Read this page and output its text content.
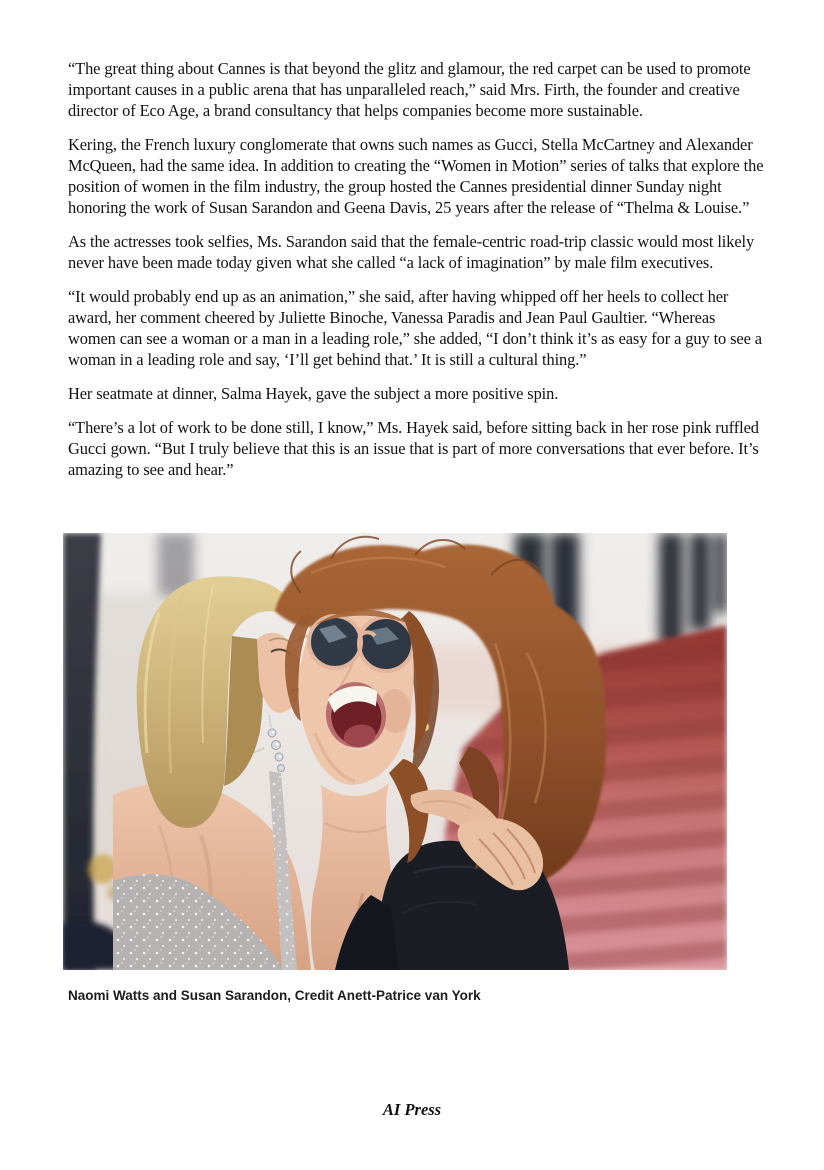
“The great thing about Cannes is that beyond the glitz and glamour, the red carpet can be used to promote important causes in a public arena that has unparalleled reach,” said Mrs. Firth, the founder and creative director of Eco Age, a brand consultancy that helps companies become more sustainable.

Kering, the French luxury conglomerate that owns such names as Gucci, Stella McCartney and Alexander McQueen, had the same idea. In addition to creating the “Women in Motion” series of talks that explore the position of women in the film industry, the group hosted the Cannes presidential dinner Sunday night honoring the work of Susan Sarandon and Geena Davis, 25 years after the release of “Thelma & Louise.”

As the actresses took selfies, Ms. Sarandon said that the female-centric road-trip classic would most likely never have been made today given what she called “a lack of imagination” by male film executives.

“It would probably end up as an animation,” she said, after having whipped off her heels to collect her award, her comment cheered by Juliette Binoche, Vanessa Paradis and Jean Paul Gaultier. “Whereas women can see a woman or a man in a leading role,” she added, “I don’t think it’s as easy for a guy to see a woman in a leading role and say, ‘I’ll get behind that.’ It is still a cultural thing.”

Her seatmate at dinner, Salma Hayek, gave the subject a more positive spin.

“There’s a lot of work to be done still, I know,” Ms. Hayek said, before sitting back in her rose pink ruffled Gucci gown. “But I truly believe that this is an issue that is part of more conversations that ever before. It’s amazing to see and hear.”

Naomi Watts and Susan Sarandon, Credit Anett-Patrice van York
AI Press
